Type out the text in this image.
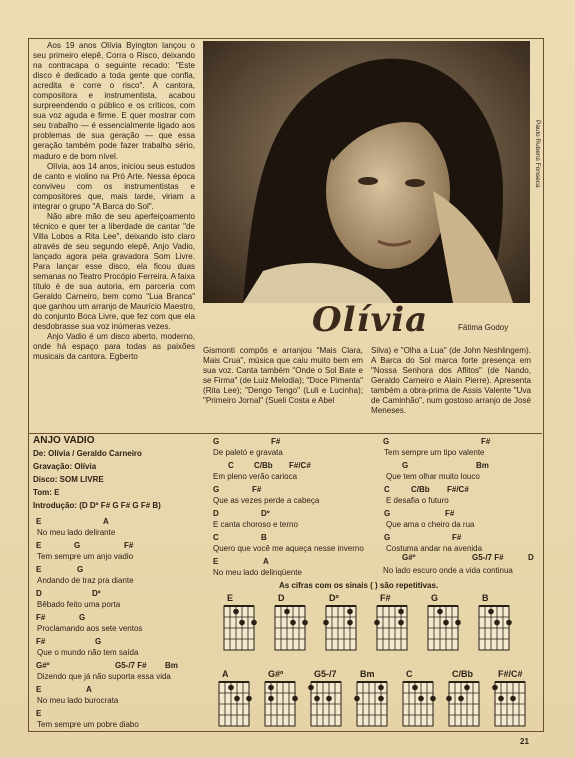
Aos 19 anos Olívia Byington lançou o seu primeiro elepê, Corra o Risco, deixando na contracapa o seguinte recado: "Este disco é dedicado a toda gente que confia, acredita e corre o risco". A cantora, compositora e instrumentista, acabou surpreendendo o público e os críticos, com sua voz aguda e firme. E quer mostrar com seu trabalho — é essencialmente ligado aos problemas de sua geração — que essa geração também pode fazer trabalho sério, maduro e de bom nível.

Olívia, aos 14 anos, iniciou seus estudos de canto e violino na Pró Arte. Nessa época conviveu com os instrumentistas e compositores que, mais tarde, viriam a integrar o grupo "A Barca do Sol".

Não abre mão de seu aperfeiçoamento técnico e quer ter a liberdade de cantar "de Villa Lobos a Rita Lee", deixando isto claro através de seu segundo elepê, Anjo Vadio, lançado agora pela gravadora Som Livre. Para lançar esse disco, ela ficou duas semanas no Teatro Procópio Ferreira. A faixa título é de sua autoria, em parceria com Geraldo Carneiro, bem como "Lua Branca" que ganhou um arranjo de Maurício Maestro, do conjunto Boca Livre, que fez com que ela desdobrasse sua voz inúmeras vezes.

Anjo Vadio é um disco aberto, moderno, onde há espaço para todas as paixões musicais da cantora. Egberto

Paulo Rubens Fonseca
Olívia	Fátima Godoy

Gismonti compôs e arranjou "Mais Clara, Mais Crua", música que caiu muito bem em sua voz. Canta também "Onde o Sol Bate e se Firma" (de Luiz Melodia); "Doce Pimenta" (Rita Lee); "Dengo Tengo" (Luli e Lucinha); "Primeiro Jornal" (Sueli Costa e Abel

Silva) e "Olha a Lua" (de John Neshlingem). A Barca do Sol marca forte presença em "Nossa Senhora dos Aflitos" (de Nando, Geraldo Carneiro e Alain Pierre). Apresenta também a obra-prima de Assis Valente "Uva de Caminhão", num gostoso arranjo de José Meneses.

ANJO VADIO
De: Olívia / Geraldo Carneiro
Gravação: Olívia
Disco: SOM LIVRE
Tom: E
Introdução: (D Dº F# G F# G F# B)
E	A
No meu lado delirante
E	G
Tem sempre um anjo vadio
F#
E	G
Andando de traz pra diante
D	Dº
Bêbado feito uma porta
F#	G
Proclamando aos sete ventos
F#	G
Que o mundo não tem saída
G#º	G5-/7 F# Bm
Dizendo que já não suporta essa vida
E	A
No meu lado burocrata
E
Tem sempre um pobre diabo
G	F#
De paletó e gravata
C	C/Bb F#/C#
Em pleno verão carioca
G	F#
Que as vezes perde a cabeça
D	Dº
E canta choroso e terno
C	B
Quero que você me aqueça nesse inverno
E	A
No meu lado delinqüente
G	F#
Tem sempre um tipo valente
G	Bm
Que tem olhar muito louco
C	C/Bb F#/C#
E desafia o futuro
G	F#
Que ama o cheiro da rua
G	F#
Costuma andar na avenida
G#º	G5-/7 F#	D
No lado escuro onde a vida continua
As cifras com os sinais ( ) são repetitivas.
E	D	Dº	F#	G	B
A	G#º	G5-/7	Bm	C	C/Bb	F#/C#
21
